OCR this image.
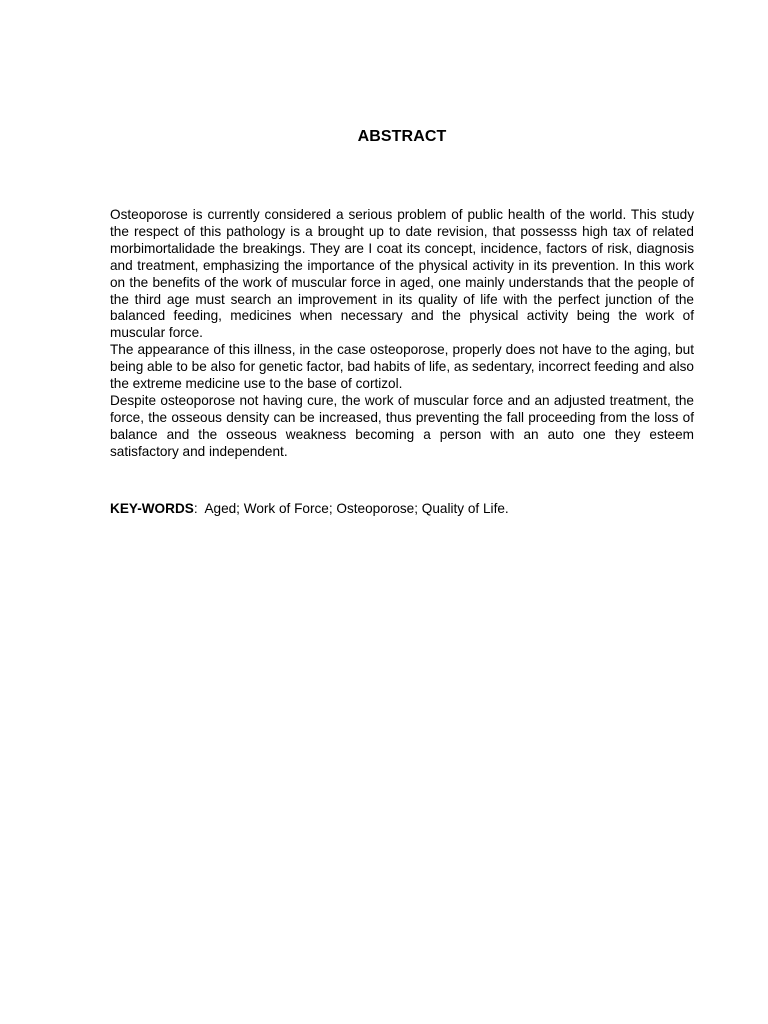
ABSTRACT

Osteoporose is currently considered a serious problem of public health of the world. This study the respect of this pathology is a brought up to date revision, that possesss high tax of related morbimortalidade the breakings. They are I coat its concept, incidence, factors of risk, diagnosis and treatment, emphasizing the importance of the physical activity in its prevention. In this work on the benefits of the work of muscular force in aged, one mainly understands that the people of the third age must search an improvement in its quality of life with the perfect junction of the balanced feeding, medicines when necessary and the physical activity being the work of muscular force.

The appearance of this illness, in the case osteoporose, properly does not have to the aging, but being able to be also for genetic factor, bad habits of life, as sedentary, incorrect feeding and also the extreme medicine use to the base of cortizol.

Despite osteoporose not having cure, the work of muscular force and an adjusted treatment, the force, the osseous density can be increased, thus preventing the fall proceeding from the loss of balance and the osseous weakness becoming a person with an auto one they esteem satisfactory and independent.

KEY-WORDS: Aged; Work of Force; Osteoporose; Quality of Life.
